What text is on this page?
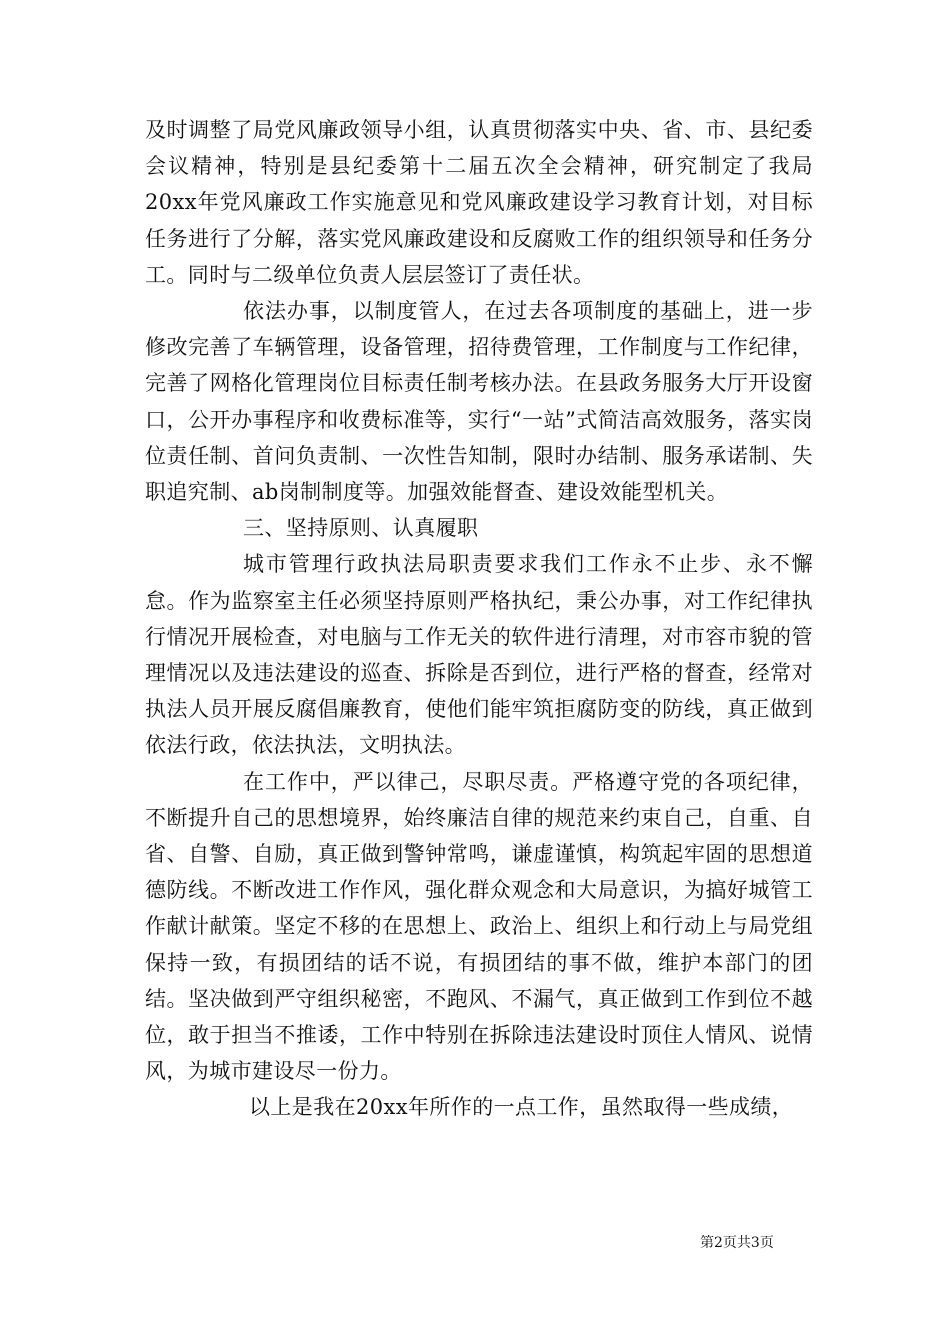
及时调整了局党风廉政领导小组，认真贯彻落实中央、省、市、县纪委会议精神，特别是县纪委第十二届五次全会精神，研究制定了我局20xx年党风廉政工作实施意见和党风廉政建设学习教育计划，对目标任务进行了分解，落实党风廉政建设和反腐败工作的组织领导和任务分工。同时与二级单位负责人层层签订了责任状。

依法办事，以制度管人，在过去各项制度的基础上，进一步修改完善了车辆管理，设备管理，招待费管理，工作制度与工作纪律，完善了网格化管理岗位目标责任制考核办法。在县政务服务大厅开设窗口，公开办事程序和收费标准等，实行“一站”式简洁高效服务，落实岗位责任制、首问负责制、一次性告知制，限时办结制、服务承诺制、失职追究制、ab岗制制度等。加强效能督查、建设效能型机关。

三、坚持原则、认真履职

城市管理行政执法局职责要求我们工作永不止步、永不懈怠。作为监察室主任必须坚持原则严格执纪，秉公办事，对工作纪律执行情况开展检查，对电脑与工作无关的软件进行清理，对市容市貌的管理情况以及违法建设的巡查、拆除是否到位，进行严格的督查，经常对执法人员开展反腐倡廉教育，使他们能牢筑拒腐防变的防线，真正做到依法行政，依法执法，文明执法。

在工作中，严以律己，尽职尽责。严格遵守党的各项纪律，不断提升自己的思想境界，始终廉洁自律的规范来约束自己，自重、自省、自警、自励，真正做到警钟常鸣，谦虚谨慎，构筑起牢固的思想道德防线。不断改进工作作风，强化群众观念和大局意识，为搞好城管工作献计献策。坚定不移的在思想上、政治上、组织上和行动上与局党组保持一致，有损团结的话不说，有损团结的事不做，维护本部门的团结。坚决做到严守组织秘密，不跑风、不漏气，真正做到工作到位不越位，敢于担当不推诿，工作中特别在拆除违法建设时顶住人情风、说情风，为城市建设尽一份力。

以上是我在20xx年所作的一点工作，虽然取得一些成绩，

第2页共3页
